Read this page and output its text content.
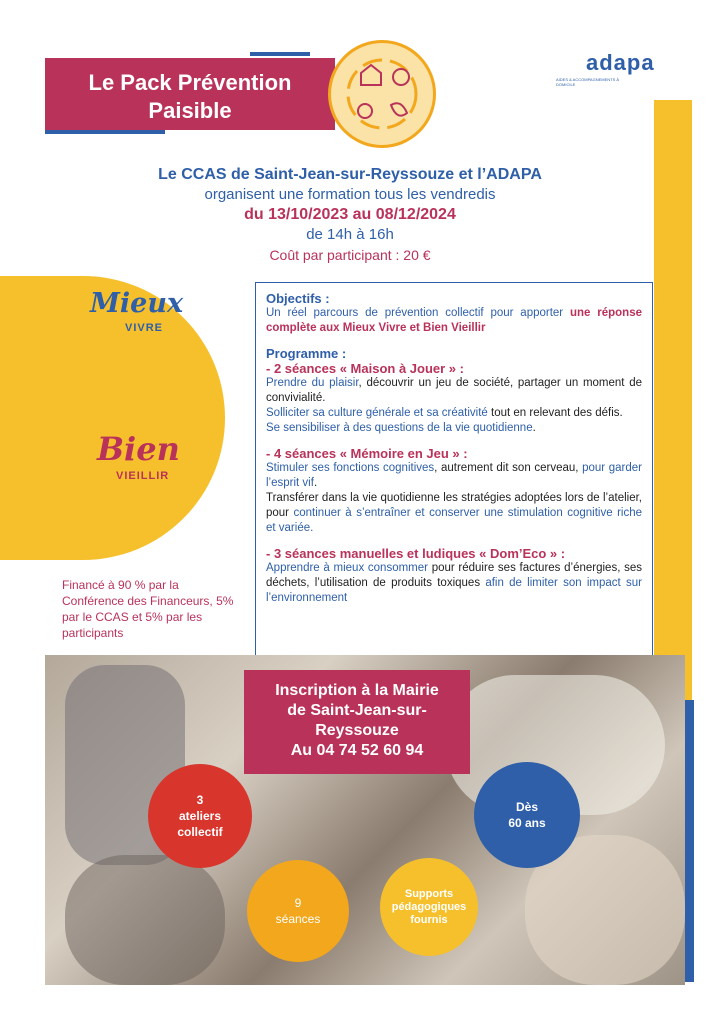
Le Pack Prévention
Paisible
adapa
AIDES & ACCOMPAGNEMENTS À DOMICILE
Le CCAS de Saint-Jean-sur-Reyssouze et l’ADAPA
organisent une formation tous les vendredis
du 13/10/2023 au 08/12/2024
de 14h à 16h
Coût par participant : 20 €
Mieux
VIVRE
Bien
VIEILLIR
Financé à 90 % par la Conférence des Financeurs, 5% par le CCAS et 5% par les participants
Objectifs :
Un réel parcours de prévention collectif pour apporter une réponse complète aux Mieux Vivre et Bien Vieillir
Programme :
- 2 séances « Maison à Jouer » :
Prendre du plaisir, découvrir un jeu de société, partager un moment de convivialité.
Solliciter sa culture générale et sa créativité tout en relevant des défis.
Se sensibiliser à des questions de la vie quotidienne.
- 4 séances « Mémoire en Jeu » :
Stimuler ses fonctions cognitives, autrement dit son cerveau, pour garder l’esprit vif.
Transférer dans la vie quotidienne les stratégies adoptées lors de l’atelier, pour continuer à s’entraîner et conserver une stimulation cognitive riche et variée.
- 3 séances manuelles et ludiques « Dom’Eco » :
Apprendre à mieux consommer pour réduire ses factures d’énergies, ses déchets, l’utilisation de produits toxiques afin de limiter son impact sur l’environnement
Inscription à la Mairie
de Saint-Jean-sur-
Reyssouze
Au 04 74 52 60 94
3
ateliers
collectif
Dès
60 ans
9
séances
Supports
pédagogiques
fournis
